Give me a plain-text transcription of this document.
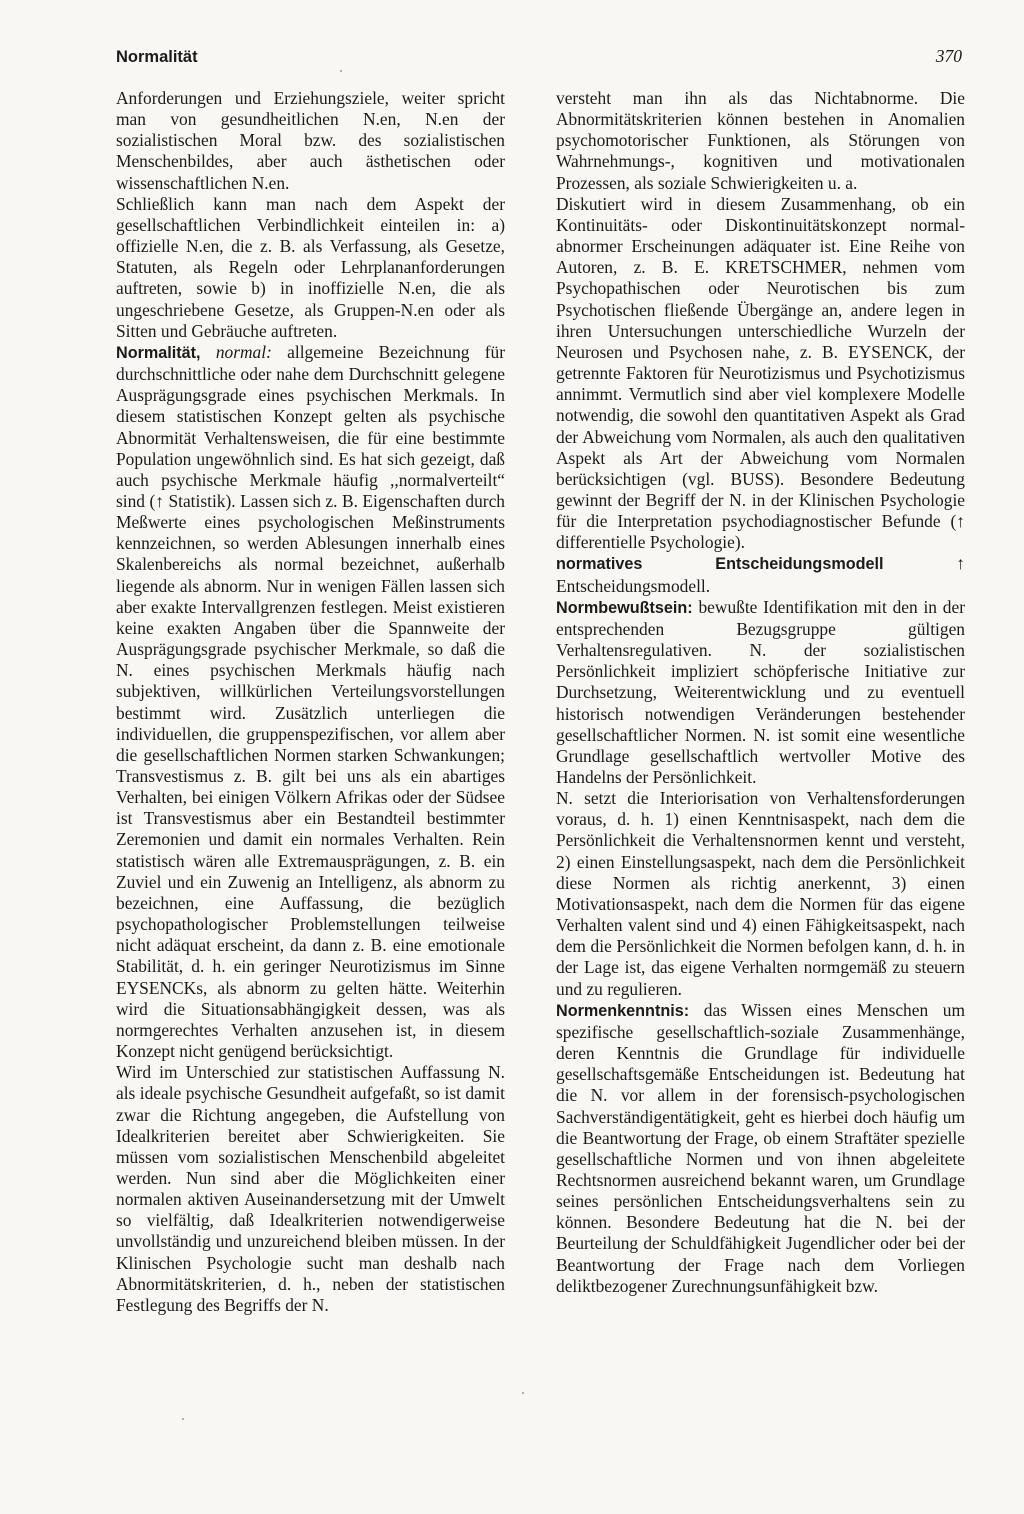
Normalität	370

Anforderungen und Erziehungsziele, weiter spricht man von gesundheitlichen N.en, N.en der sozialistischen Moral bzw. des sozialistischen Menschenbildes, aber auch ästhetischen oder wissenschaftlichen N.en.

Schließlich kann man nach dem Aspekt der gesellschaftlichen Verbindlichkeit einteilen in: a) offizielle N.en, die z. B. als Verfassung, als Gesetze, Statuten, als Regeln oder Lehrplananforderungen auftreten, sowie b) in inoffizielle N.en, die als ungeschriebene Gesetze, als Gruppen-N.en oder als Sitten und Gebräuche auftreten.

Normalität, normal: allgemeine Bezeichnung für durchschnittliche oder nahe dem Durchschnitt gelegene Ausprägungsgrade eines psychischen Merkmals. In diesem statistischen Konzept gelten als psychische Abnormität Verhaltensweisen, die für eine bestimmte Population ungewöhnlich sind. Es hat sich gezeigt, daß auch psychische Merkmale häufig ,,normalverteilt“ sind (↑ Statistik). Lassen sich z. B. Eigenschaften durch Meßwerte eines psychologischen Meßinstruments kennzeichnen, so werden Ablesungen innerhalb eines Skalenbereichs als normal bezeichnet, außerhalb liegende als abnorm. Nur in wenigen Fällen lassen sich aber exakte Intervallgrenzen festlegen. Meist existieren keine exakten Angaben über die Spannweite der Ausprägungsgrade psychischer Merkmale, so daß die N. eines psychischen Merkmals häufig nach subjektiven, willkürlichen Verteilungsvorstellungen bestimmt wird. Zusätzlich unterliegen die individuellen, die gruppenspezifischen, vor allem aber die gesellschaftlichen Normen starken Schwankungen; Transvestismus z. B. gilt bei uns als ein abartiges Verhalten, bei einigen Völkern Afrikas oder der Südsee ist Transvestismus aber ein Bestandteil bestimmter Zeremonien und damit ein normales Verhalten. Rein statistisch wären alle Extremausprägungen, z. B. ein Zuviel und ein Zuwenig an Intelligenz, als abnorm zu bezeichnen, eine Auffassung, die bezüglich psychopathologischer Problemstellungen teilweise nicht adäquat erscheint, da dann z. B. eine emotionale Stabilität, d. h. ein geringer Neurotizismus im Sinne EYSENCKs, als abnorm zu gelten hätte. Weiterhin wird die Situationsabhängigkeit dessen, was als normgerechtes Verhalten anzusehen ist, in diesem Konzept nicht genügend berücksichtigt.

Wird im Unterschied zur statistischen Auffassung N. als ideale psychische Gesundheit aufgefaßt, so ist damit zwar die Richtung angegeben, die Aufstellung von Idealkriterien bereitet aber Schwierigkeiten. Sie müssen vom sozialistischen Menschenbild abgeleitet werden. Nun sind aber die Möglichkeiten einer normalen aktiven Auseinandersetzung mit der Umwelt so vielfältig, daß Idealkriterien notwendigerweise unvollständig und unzureichend bleiben müssen. In der Klinischen Psychologie sucht man deshalb nach Abnormitätskriterien, d. h., neben der statistischen Festlegung des Begriffs der N.

versteht man ihn als das Nichtabnorme. Die Abnormitätskriterien können bestehen in Anomalien psychomotorischer Funktionen, als Störungen von Wahrnehmungs-, kognitiven und motivationalen Prozessen, als soziale Schwierigkeiten u. a.

Diskutiert wird in diesem Zusammenhang, ob ein Kontinuitäts- oder Diskontinuitätskonzept normal-abnormer Erscheinungen adäquater ist. Eine Reihe von Autoren, z. B. E. KRETSCHMER, nehmen vom Psychopathischen oder Neurotischen bis zum Psychotischen fließende Übergänge an, andere legen in ihren Untersuchungen unterschiedliche Wurzeln der Neurosen und Psychosen nahe, z. B. EYSENCK, der getrennte Faktoren für Neurotizismus und Psychotizismus annimmt. Vermutlich sind aber viel komplexere Modelle notwendig, die sowohl den quantitativen Aspekt als Grad der Abweichung vom Normalen, als auch den qualitativen Aspekt als Art der Abweichung vom Normalen berücksichtigen (vgl. BUSS). Besondere Bedeutung gewinnt der Begriff der N. in der Klinischen Psychologie für die Interpretation psychodiagnostischer Befunde (↑ differentielle Psychologie).

normatives Entscheidungsmodell	↑ Entscheidungsmodell.

Normbewußtsein: bewußte Identifikation mit den in der entsprechenden Bezugsgruppe gültigen Verhaltensregulativen. N. der sozialistischen Persönlichkeit impliziert schöpferische Initiative zur Durchsetzung, Weiterentwicklung und zu eventuell historisch notwendigen Veränderungen bestehender gesellschaftlicher Normen. N. ist somit eine wesentliche Grundlage gesellschaftlich wertvoller Motive des Handelns der Persönlichkeit.

N. setzt die Interiorisation von Verhaltensforderungen voraus, d. h. 1) einen Kenntnisaspekt, nach dem die Persönlichkeit die Verhaltensnormen kennt und versteht, 2) einen Einstellungsaspekt, nach dem die Persönlichkeit diese Normen als richtig anerkennt, 3) einen Motivationsaspekt, nach dem die Normen für das eigene Verhalten valent sind und 4) einen Fähigkeitsaspekt, nach dem die Persönlichkeit die Normen befolgen kann, d. h. in der Lage ist, das eigene Verhalten normgemäß zu steuern und zu regulieren.

Normenkenntnis: das Wissen eines Menschen um spezifische gesellschaftlich-soziale Zusammenhänge, deren Kenntnis die Grundlage für individuelle gesellschaftsgemäße Entscheidungen ist. Bedeutung hat die N. vor allem in der forensisch-psychologischen Sachverständigentätigkeit, geht es hierbei doch häufig um die Beantwortung der Frage, ob einem Straftäter spezielle gesellschaftliche Normen und von ihnen abgeleitete Rechtsnormen ausreichend bekannt waren, um Grundlage seines persönlichen Entscheidungsverhaltens sein zu können. Besondere Bedeutung hat die N. bei der Beurteilung der Schuldfähigkeit Jugendlicher oder bei der Beantwortung der Frage nach dem Vorliegen deliktbezogener Zurechnungsunfähigkeit bzw.
